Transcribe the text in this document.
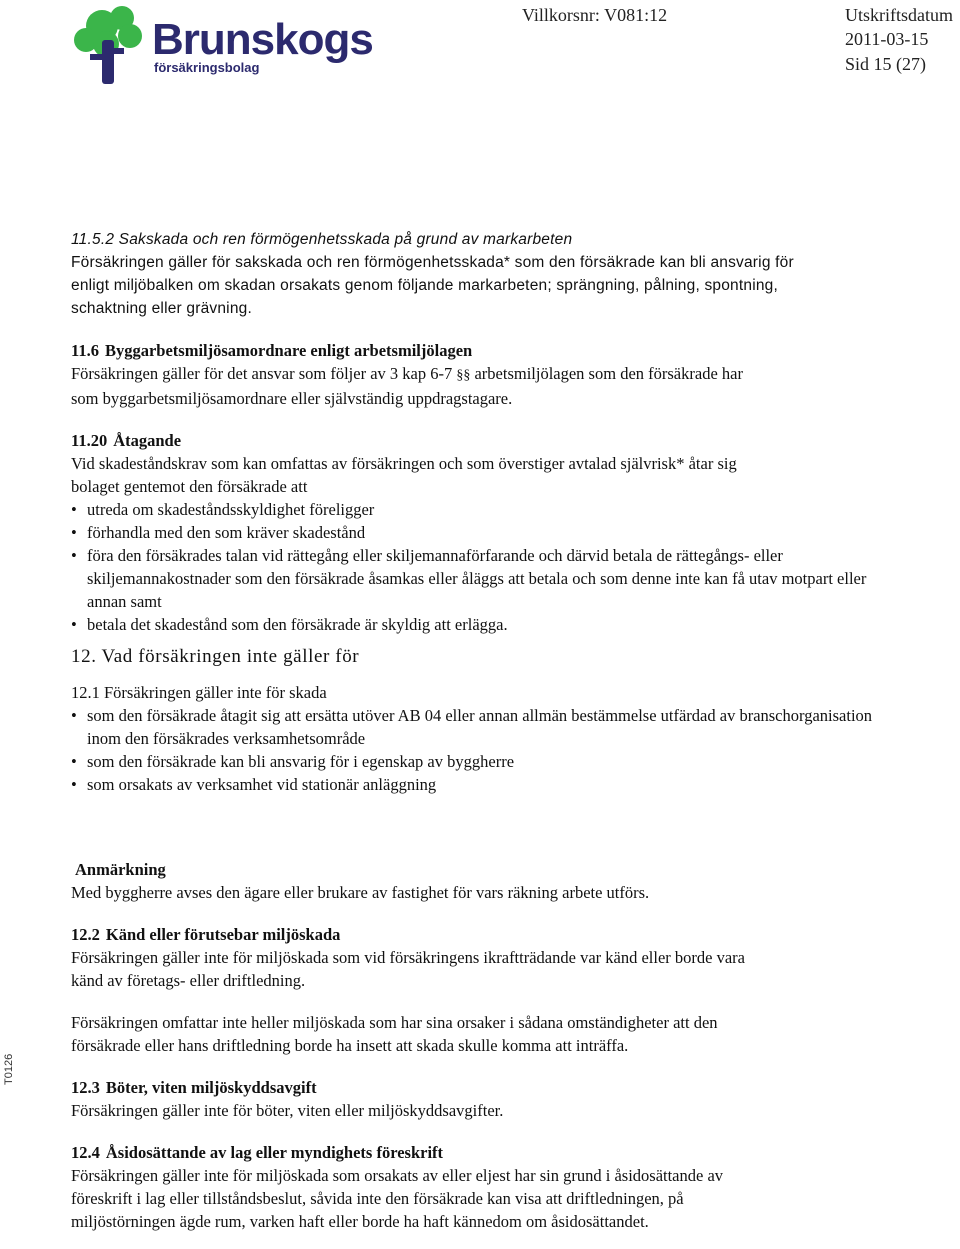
Brunskogs
försäkringsbolag
Villkorsnr: V081:12	Utskriftsdatum
2011-03-15
Sid 15 (27)
T0126

11.5.2 Sakskada och ren förmögenhetsskada på grund av markarbeten

Försäkringen gäller för sakskada och ren förmögenhetsskada* som den försäkrade kan bli ansvarig för

enligt miljöbalken om skadan orsakats genom följande markarbeten; sprängning, pålning, spontning,

schaktning eller grävning.

11.6 Byggarbetsmiljösamordnare enligt arbetsmiljölagen

Försäkringen gäller för det ansvar som följer av 3 kap 6-7 §§ arbetsmiljölagen som den försäkrade har

som byggarbetsmiljösamordnare eller självständig uppdragstagare.

11.20 Åtagande

Vid skadeståndskrav som kan omfattas av försäkringen och som överstiger avtalad självrisk* åtar sig

bolaget gentemot den försäkrade att

• utreda om skadeståndsskyldighet föreligger
• förhandla med den som kräver skadestånd
• föra den försäkrades talan vid rättegång eller skiljemannaförfarande och därvid betala de rättegångs- eller skiljemannakostnader som den försäkrade åsamkas eller åläggs att betala och som denne inte kan få utav motpart eller annan samt
• betala det skadestånd som den försäkrade är skyldig att erlägga.

12. Vad försäkringen inte gäller för

12.1 Försäkringen gäller inte för skada

• som den försäkrade åtagit sig att ersätta utöver AB 04 eller annan allmän bestämmelse utfärdad av branschorganisation inom den försäkrades verksamhetsområde
• som den försäkrade kan bli ansvarig för i egenskap av byggherre
• som orsakats av verksamhet vid stationär anläggning

Anmärkning

Med byggherre avses den ägare eller brukare av fastighet för vars räkning arbete utförs.

12.2 Känd eller förutsebar miljöskada

Försäkringen gäller inte för miljöskada som vid försäkringens ikraftträdande var känd eller borde vara

känd av företags- eller driftledning.

Försäkringen omfattar inte heller miljöskada som har sina orsaker i sådana omständigheter att den

försäkrade eller hans driftledning borde ha insett att skada skulle komma att inträffa.

12.3 Böter, viten miljöskyddsavgift

Försäkringen gäller inte för böter, viten eller miljöskyddsavgifter.

12.4 Åsidosättande av lag eller myndighets föreskrift

Försäkringen gäller inte för miljöskada som orsakats av eller eljest har sin grund i åsidosättande av

föreskrift i lag eller tillståndsbeslut, såvida inte den försäkrade kan visa att driftledningen, på

miljöstörningen ägde rum, varken haft eller borde ha haft kännedom om åsidosättandet.
